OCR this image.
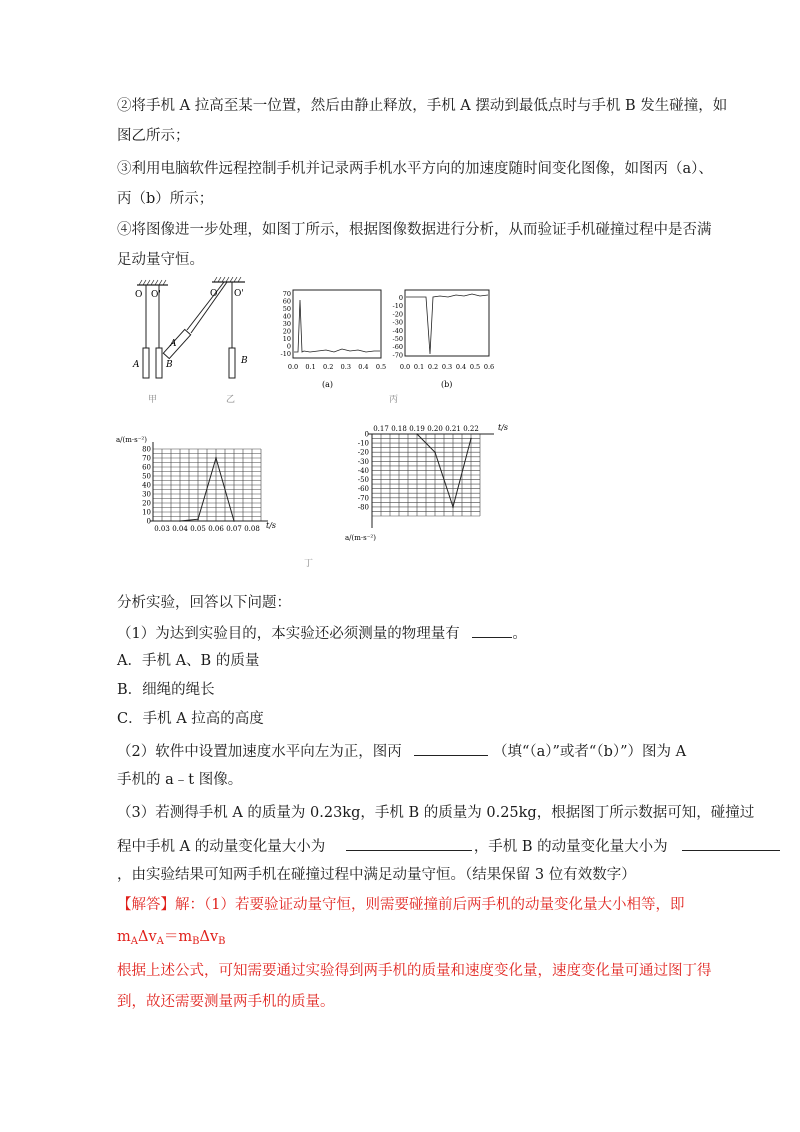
②将手机 A 拉高至某一位置，然后由静止释放，手机 A 摆动到最低点时与手机 B 发生碰撞，如
图乙所示；
③利用电脑软件远程控制手机并记录两手机水平方向的加速度随时间变化图像，如图丙（a）、
丙（b）所示；
④将图像进一步处理，如图丁所示，根据图像数据进行分析，从而验证手机碰撞过程中是否满
足动量守恒。
O O'
A	B
甲
O O'
A
B
乙
(a)
70
60
50
40
30
20
10
0
-10
0.0 0.1 0.2 0.3 0.4 0.5
(b)
0
-10
-20
-30
-40
-50
-60
-70
0.0 0.1 0.2 0.3 0.4 0.5 0.6
丙
a/(m·s⁻²)
t/s
80
70
60
50
40
30
20
10
0
0.03 0.04 0.05 0.06 0.07 0.08
t/s
a/(m·s⁻²)
0
-10
-20
-30
-40
-50
-60
-70
-80
0.17 0.18 0.19 0.20 0.21 0.22
丁
分析实验，回答以下问题：
（1）为达到实验目的，本实验还必须测量的物理量有	。
A．手机 A、B 的质量
B．细绳的绳长
C．手机 A 拉高的高度
（2）软件中设置加速度水平向左为正，图丙	（填“（a）”或者“（b）”）图为 A
手机的 a﹣t 图像。
（3）若测得手机 A 的质量为 0.23kg，手机 B 的质量为 0.25kg，根据图丁所示数据可知，碰撞过
程中手机 A 的动量变化量大小为	，手机 B 的动量变化量大小为
，由实验结果可知两手机在碰撞过程中满足动量守恒。（结果保留 3 位有效数字）
【解答】解：（1）若要验证动量守恒，则需要碰撞前后两手机的动量变化量大小相等，即
$m_A\Delta v_A=m_B\Delta v_B$
根据上述公式，可知需要通过实验得到两手机的质量和速度变化量，速度变化量可通过图丁得
到，故还需要测量两手机的质量。
